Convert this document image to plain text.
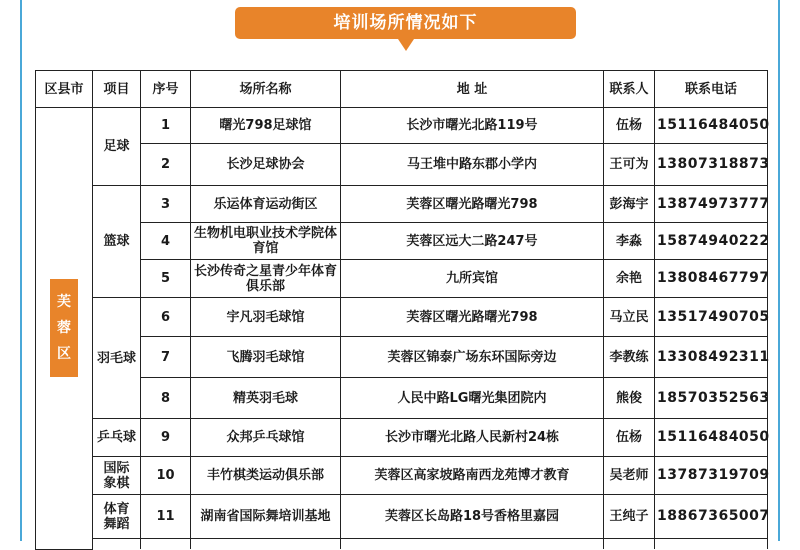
培训场所情况如下
区县市	项目	序号	场所名称	地 址	联系人	联系电话

芙
蓉
区	足球	1	曙光798足球馆	长沙市曙光北路119号	伍杨	15116484050
		2	长沙足球协会	马王堆中路东郡小学内	王可为	13807318873
	篮球	3	乐运体育运动街区	芙蓉区曙光路曙光798	彭海宇	13874973777
		4	生物机电职业技术学院体育馆	芙蓉区远大二路247号	李淼	15874940222
		5	长沙传奇之星青少年体育俱乐部	九所宾馆	余艳	13808467797
	羽毛球	6	宇凡羽毛球馆	芙蓉区曙光路曙光798	马立民	13517490705
		7	飞腾羽毛球馆	芙蓉区锦泰广场东环国际旁边	李教练	13308492311
		8	精英羽毛球	人民中路LG曙光集团院内	熊俊	18570352563
	乒乓球	9	众邦乒乓球馆	长沙市曙光北路人民新村24栋	伍杨	15116484050
	国际象棋	10	丰竹棋类运动俱乐部	芙蓉区高家坡路南西龙苑博才教育	吴老师	13787319709
	体育舞蹈	11	湖南省国际舞培训基地	芙蓉区长岛路18号香格里嘉园	王纯子	18867365007
